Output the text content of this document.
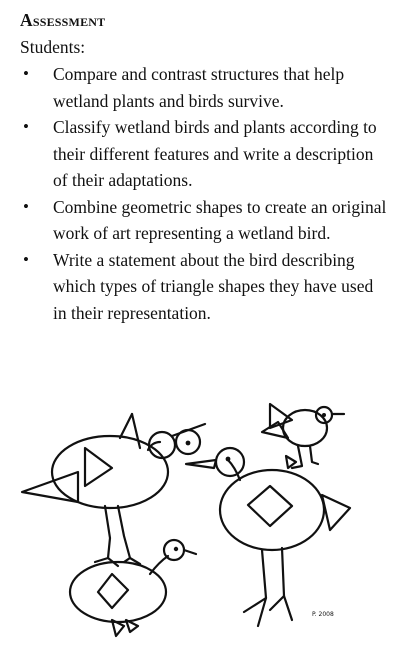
Assessment

Students:

• Compare and contrast structures that help wetland plants and birds survive.
• Classify wetland birds and plants according to their different features and write a description of their adaptations.
• Combine geometric shapes to create an original work of art representing a wetland bird.
• Write a statement about the bird describing which types of triangle shapes they have used in their representation.
P. 2008
